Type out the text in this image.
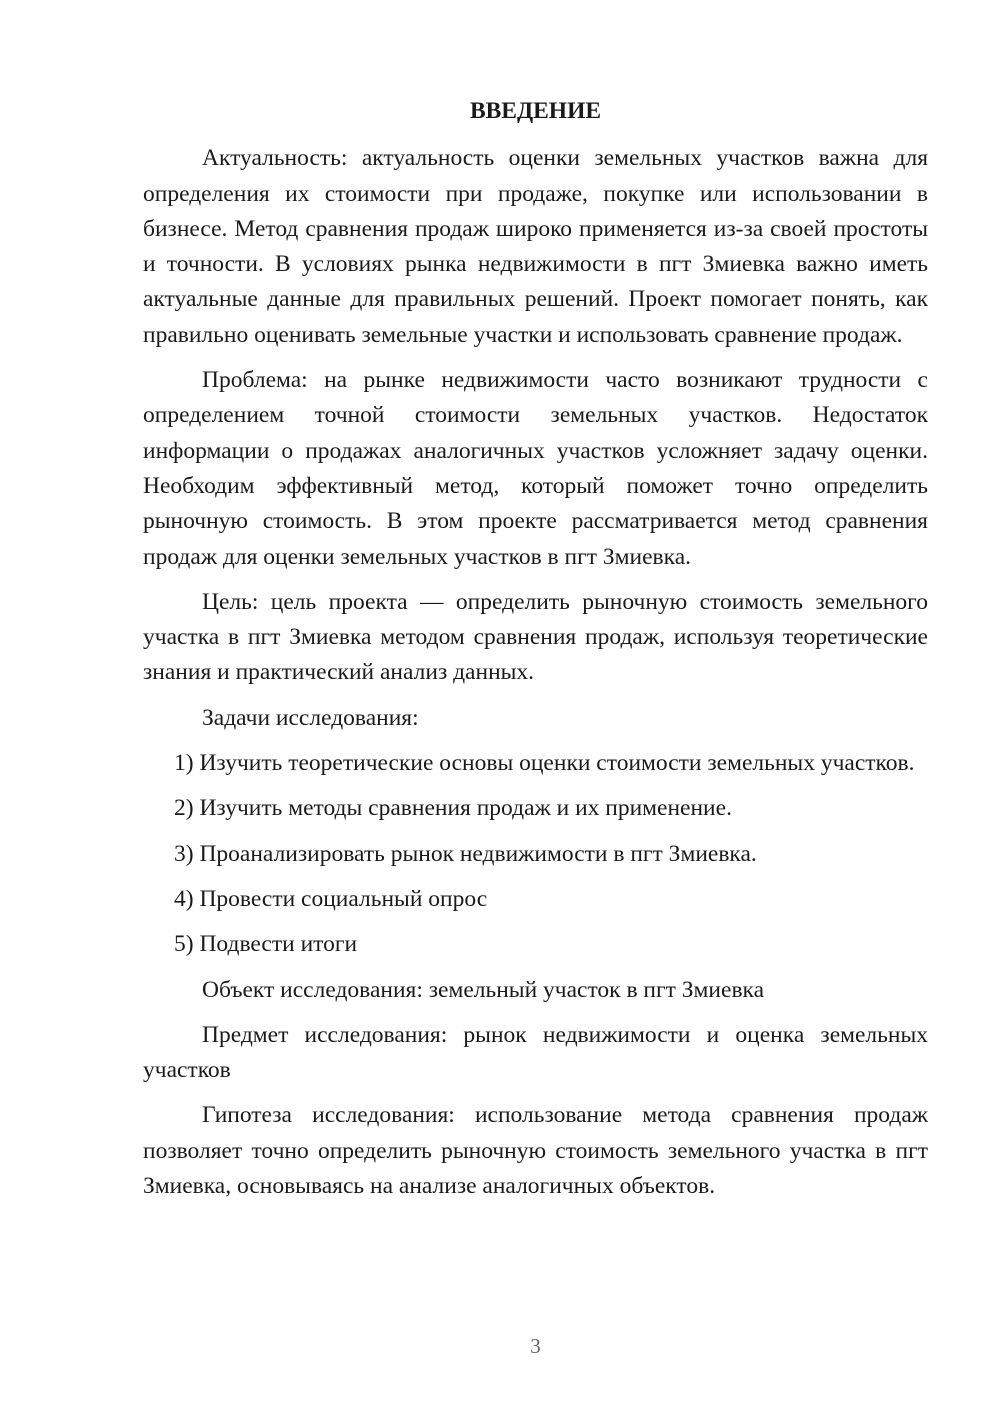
ВВЕДЕНИЕ

Актуальность: актуальность оценки земельных участков важна для определения их стоимости при продаже, покупке или использовании в бизнесе. Метод сравнения продаж широко применяется из-за своей простоты и точности. В условиях рынка недвижимости в пгт Змиевка важно иметь актуальные данные для правильных решений. Проект помогает понять, как правильно оценивать земельные участки и использовать сравнение продаж.

Проблема: на рынке недвижимости часто возникают трудности с определением точной стоимости земельных участков. Недостаток информации о продажах аналогичных участков усложняет задачу оценки. Необходим эффективный метод, который поможет точно определить рыночную стоимость. В этом проекте рассматривается метод сравнения продаж для оценки земельных участков в пгт Змиевка.

Цель: цель проекта — определить рыночную стоимость земельного участка в пгт Змиевка методом сравнения продаж, используя теоретические знания и практический анализ данных.

Задачи исследования:

1) Изучить теоретические основы оценки стоимости земельных участков.

2) Изучить методы сравнения продаж и их применение.

3) Проанализировать рынок недвижимости в пгт Змиевка.

4) Провести социальный опрос

5) Подвести итоги

Объект исследования: земельный участок в пгт Змиевка

Предмет исследования: рынок недвижимости и оценка земельных участков

Гипотеза исследования: использование метода сравнения продаж позволяет точно определить рыночную стоимость земельного участка в пгт Змиевка, основываясь на анализе аналогичных объектов.

3
